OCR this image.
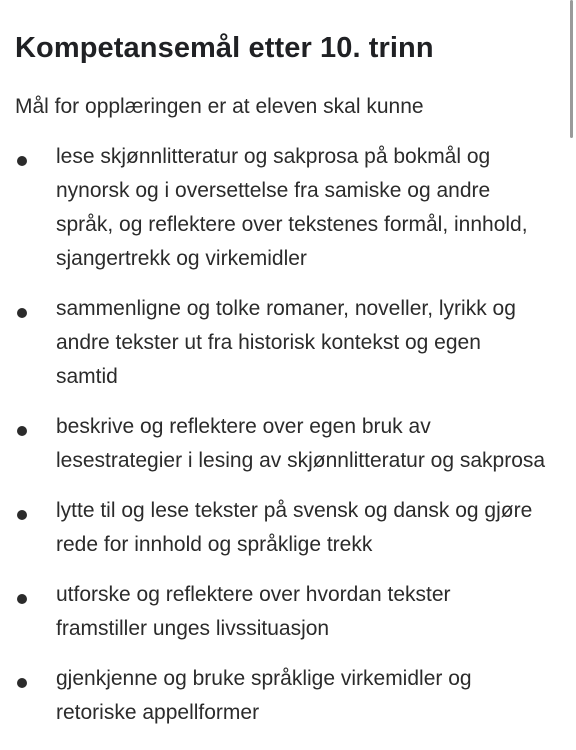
Kompetansemål etter 10. trinn

Mål for opplæringen er at eleven skal kunne

lese skjønnlitteratur og sakprosa på bokmål og nynorsk og i oversettelse fra samiske og andre språk, og reflektere over tekstenes formål, innhold, sjangertrekk og virkemidler
sammenligne og tolke romaner, noveller, lyrikk og andre tekster ut fra historisk kontekst og egen samtid
beskrive og reflektere over egen bruk av lesestrategier i lesing av skjønnlitteratur og sakprosa
lytte til og lese tekster på svensk og dansk og gjøre rede for innhold og språklige trekk
utforske og reflektere over hvordan tekster framstiller unges livssituasjon
gjenkjenne og bruke språklige virkemidler og retoriske appellformer
